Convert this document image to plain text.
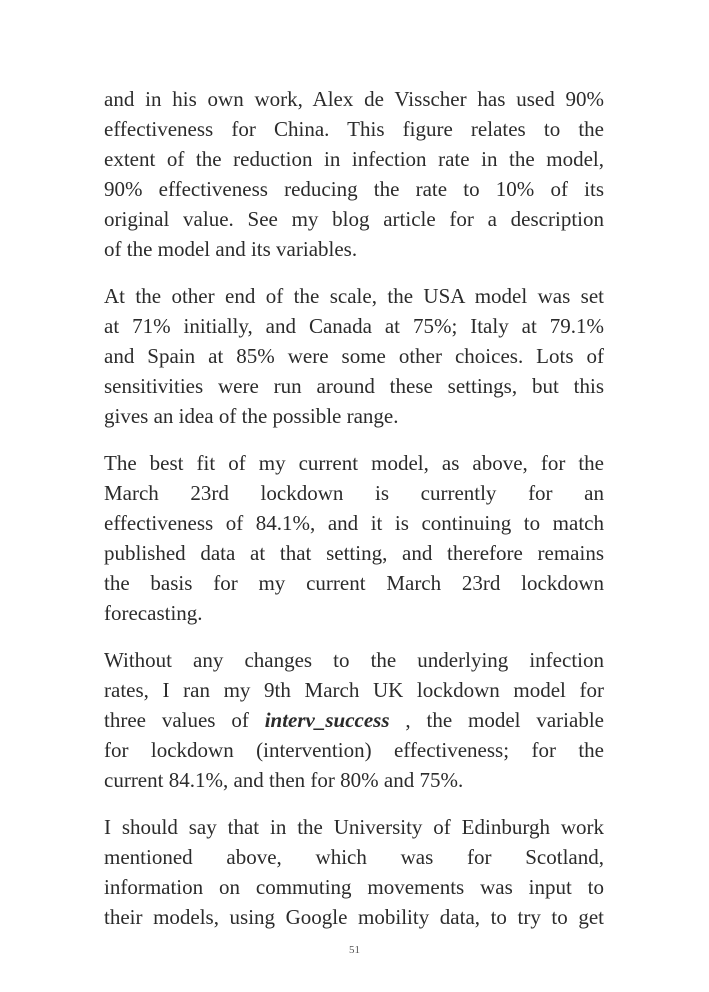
and in his own work, Alex de Visscher has used 90%
effectiveness for China. This figure relates to the
extent of the reduction in infection rate in the model,
90% effectiveness reducing the rate to 10% of its
original value. See my blog article for a description
of the model and its variables.

At the other end of the scale, the USA model was set
at 71% initially, and Canada at 75%; Italy at 79.1%
and Spain at 85% were some other choices. Lots of
sensitivities were run around these settings, but this
gives an idea of the possible range.

The best fit of my current model, as above, for the
March 23rd lockdown is currently for an
effectiveness of 84.1%, and it is continuing to match
published data at that setting, and therefore remains
the basis for my current March 23rd lockdown
forecasting.

Without any changes to the underlying infection
rates, I ran my 9th March UK lockdown model for
three values of interv_success , the model variable
for lockdown (intervention) effectiveness; for the
current 84.1%, and then for 80% and 75%.

I should say that in the University of Edinburgh work
mentioned above, which was for Scotland,
information on commuting movements was input to
their models, using Google mobility data, to try to get

51
